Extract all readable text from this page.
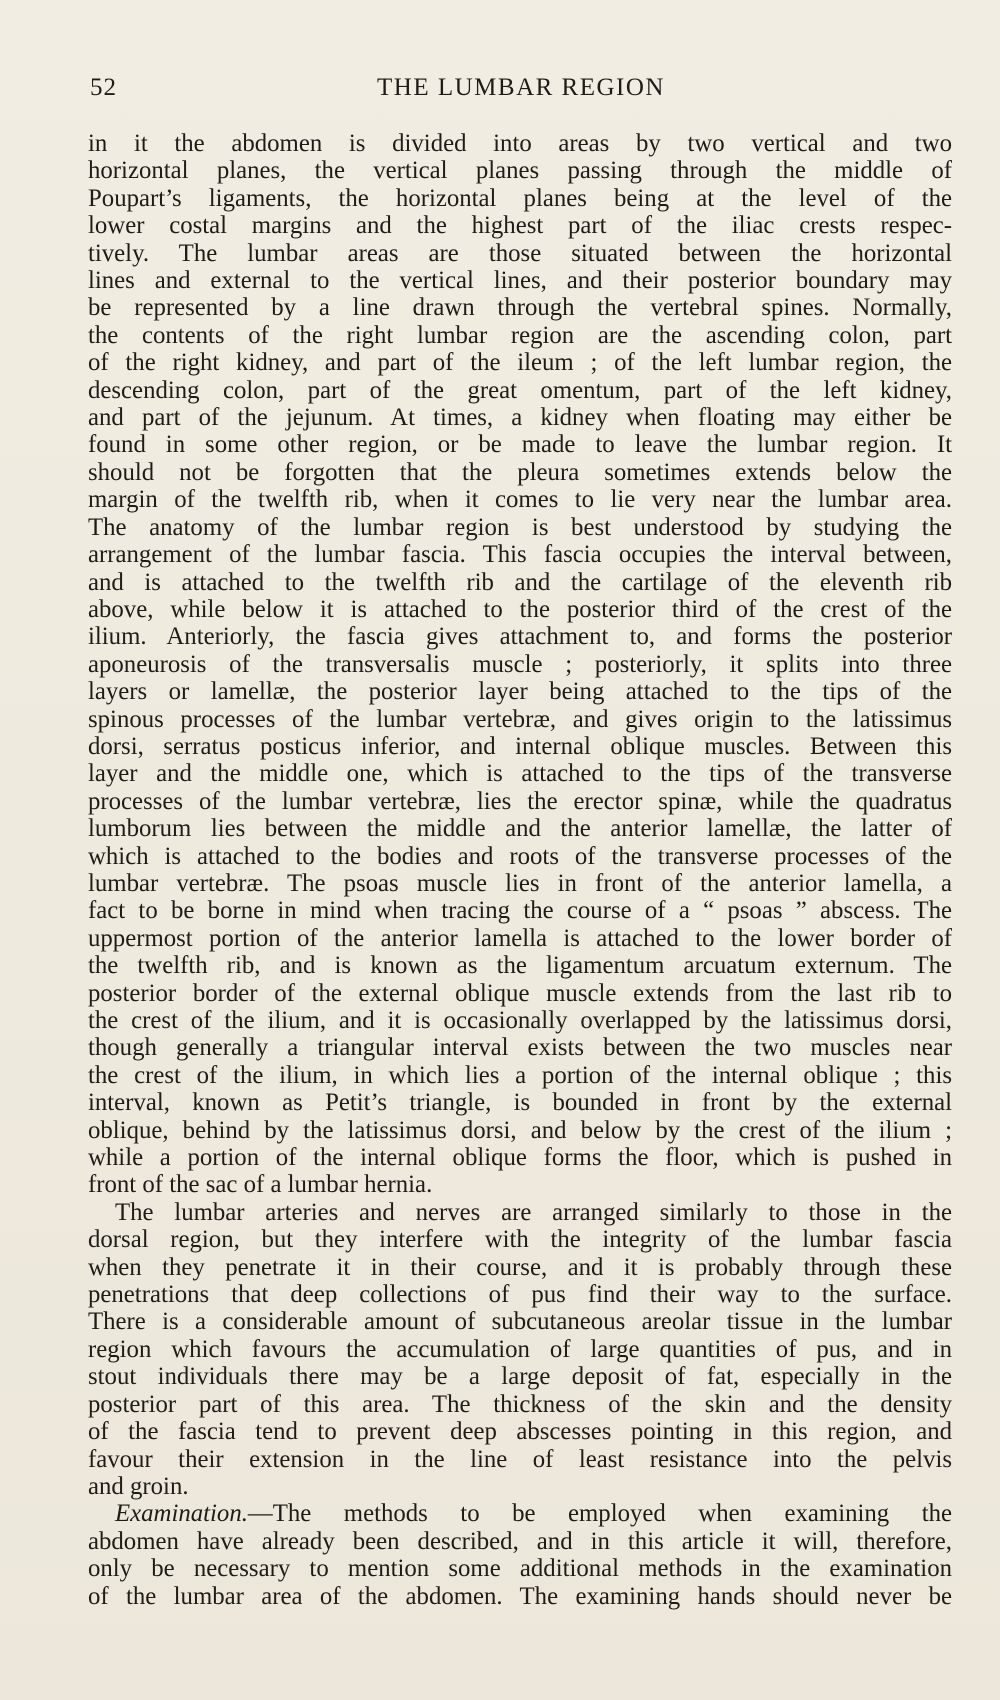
52	THE LUMBAR REGION

in it the abdomen is divided into areas by two vertical and two

horizontal planes, the vertical planes passing through the middle of

Poupart’s ligaments, the horizontal planes being at the level of the

lower costal margins and the highest part of the iliac crests respec-

tively. The lumbar areas are those situated between the horizontal

lines and external to the vertical lines, and their posterior boundary may

be represented by a line drawn through the vertebral spines. Normally,

the contents of the right lumbar region are the ascending colon, part

of the right kidney, and part of the ileum ; of the left lumbar region, the

descending colon, part of the great omentum, part of the left kidney,

and part of the jejunum. At times, a kidney when floating may either be

found in some other region, or be made to leave the lumbar region. It

should not be forgotten that the pleura sometimes extends below the

margin of the twelfth rib, when it comes to lie very near the lumbar area.

The anatomy of the lumbar region is best understood by studying the

arrangement of the lumbar fascia. This fascia occupies the interval between,

and is attached to the twelfth rib and the cartilage of the eleventh rib

above, while below it is attached to the posterior third of the crest of the

ilium. Anteriorly, the fascia gives attachment to, and forms the posterior

aponeurosis of the transversalis muscle ; posteriorly, it splits into three

layers or lamellæ, the posterior layer being attached to the tips of the

spinous processes of the lumbar vertebræ, and gives origin to the latissimus

dorsi, serratus posticus inferior, and internal oblique muscles. Between this

layer and the middle one, which is attached to the tips of the transverse

processes of the lumbar vertebræ, lies the erector spinæ, while the quadratus

lumborum lies between the middle and the anterior lamellæ, the latter of

which is attached to the bodies and roots of the transverse processes of the

lumbar vertebræ. The psoas muscle lies in front of the anterior lamella, a

fact to be borne in mind when tracing the course of a “ psoas ” abscess. The

uppermost portion of the anterior lamella is attached to the lower border of

the twelfth rib, and is known as the ligamentum arcuatum externum. The

posterior border of the external oblique muscle extends from the last rib to

the crest of the ilium, and it is occasionally overlapped by the latissimus dorsi,

though generally a triangular interval exists between the two muscles near

the crest of the ilium, in which lies a portion of the internal oblique ; this

interval, known as Petit’s triangle, is bounded in front by the external

oblique, behind by the latissimus dorsi, and below by the crest of the ilium ;

while a portion of the internal oblique forms the floor, which is pushed in

front of the sac of a lumbar hernia.

The lumbar arteries and nerves are arranged similarly to those in the

dorsal region, but they interfere with the integrity of the lumbar fascia

when they penetrate it in their course, and it is probably through these

penetrations that deep collections of pus find their way to the surface.

There is a considerable amount of subcutaneous areolar tissue in the lumbar

region which favours the accumulation of large quantities of pus, and in

stout individuals there may be a large deposit of fat, especially in the

posterior part of this area. The thickness of the skin and the density

of the fascia tend to prevent deep abscesses pointing in this region, and

favour their extension in the line of least resistance into the pelvis

and groin.

Examination.—The methods to be employed when examining the

abdomen have already been described, and in this article it will, therefore,

only be necessary to mention some additional methods in the examination

of the lumbar area of the abdomen. The examining hands should never be
